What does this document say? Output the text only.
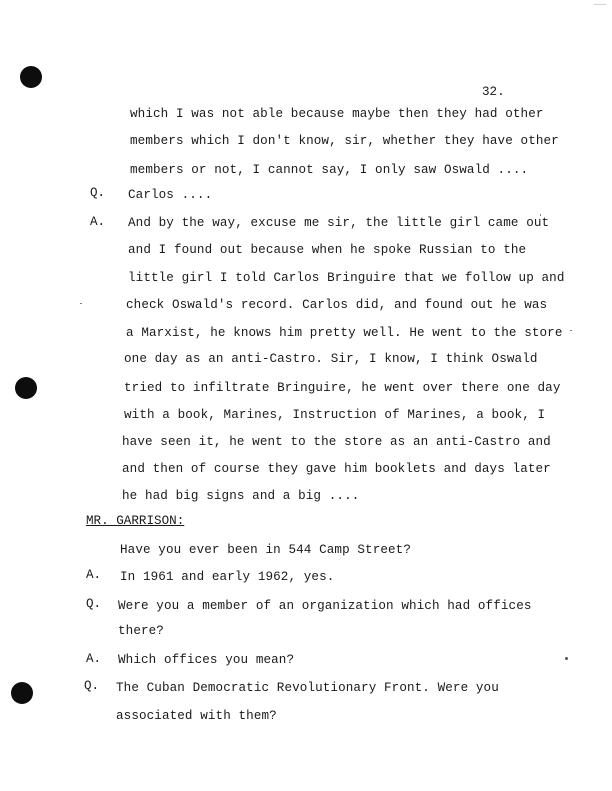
———
32.
which I was not able because maybe then they had other
members which I don't know, sir, whether they have other
members or not, I cannot say, I only saw Oswald ....
Q. Carlos ....
A. And by the way, excuse me sir, the little girl came out
and I found out because when he spoke Russian to the
little girl I told Carlos Bringuire that we follow up and
check Oswald's record. Carlos did, and found out he was
a Marxist, he knows him pretty well. He went to the store
one day as an anti-Castro. Sir, I know, I think Oswald
tried to infiltrate Bringuire, he went over there one day
with a book, Marines, Instruction of Marines, a book, I
have seen it, he went to the store as an anti-Castro and
and then of course they gave him booklets and days later
he had big signs and a big ....
MR. GARRISON:
Have you ever been in 544 Camp Street?
A. In 1961 and early 1962, yes.
Q. Were you a member of an organization which had offices
there?
A. Which offices you mean?
Q. The Cuban Democratic Revolutionary Front. Were you
associated with them?
